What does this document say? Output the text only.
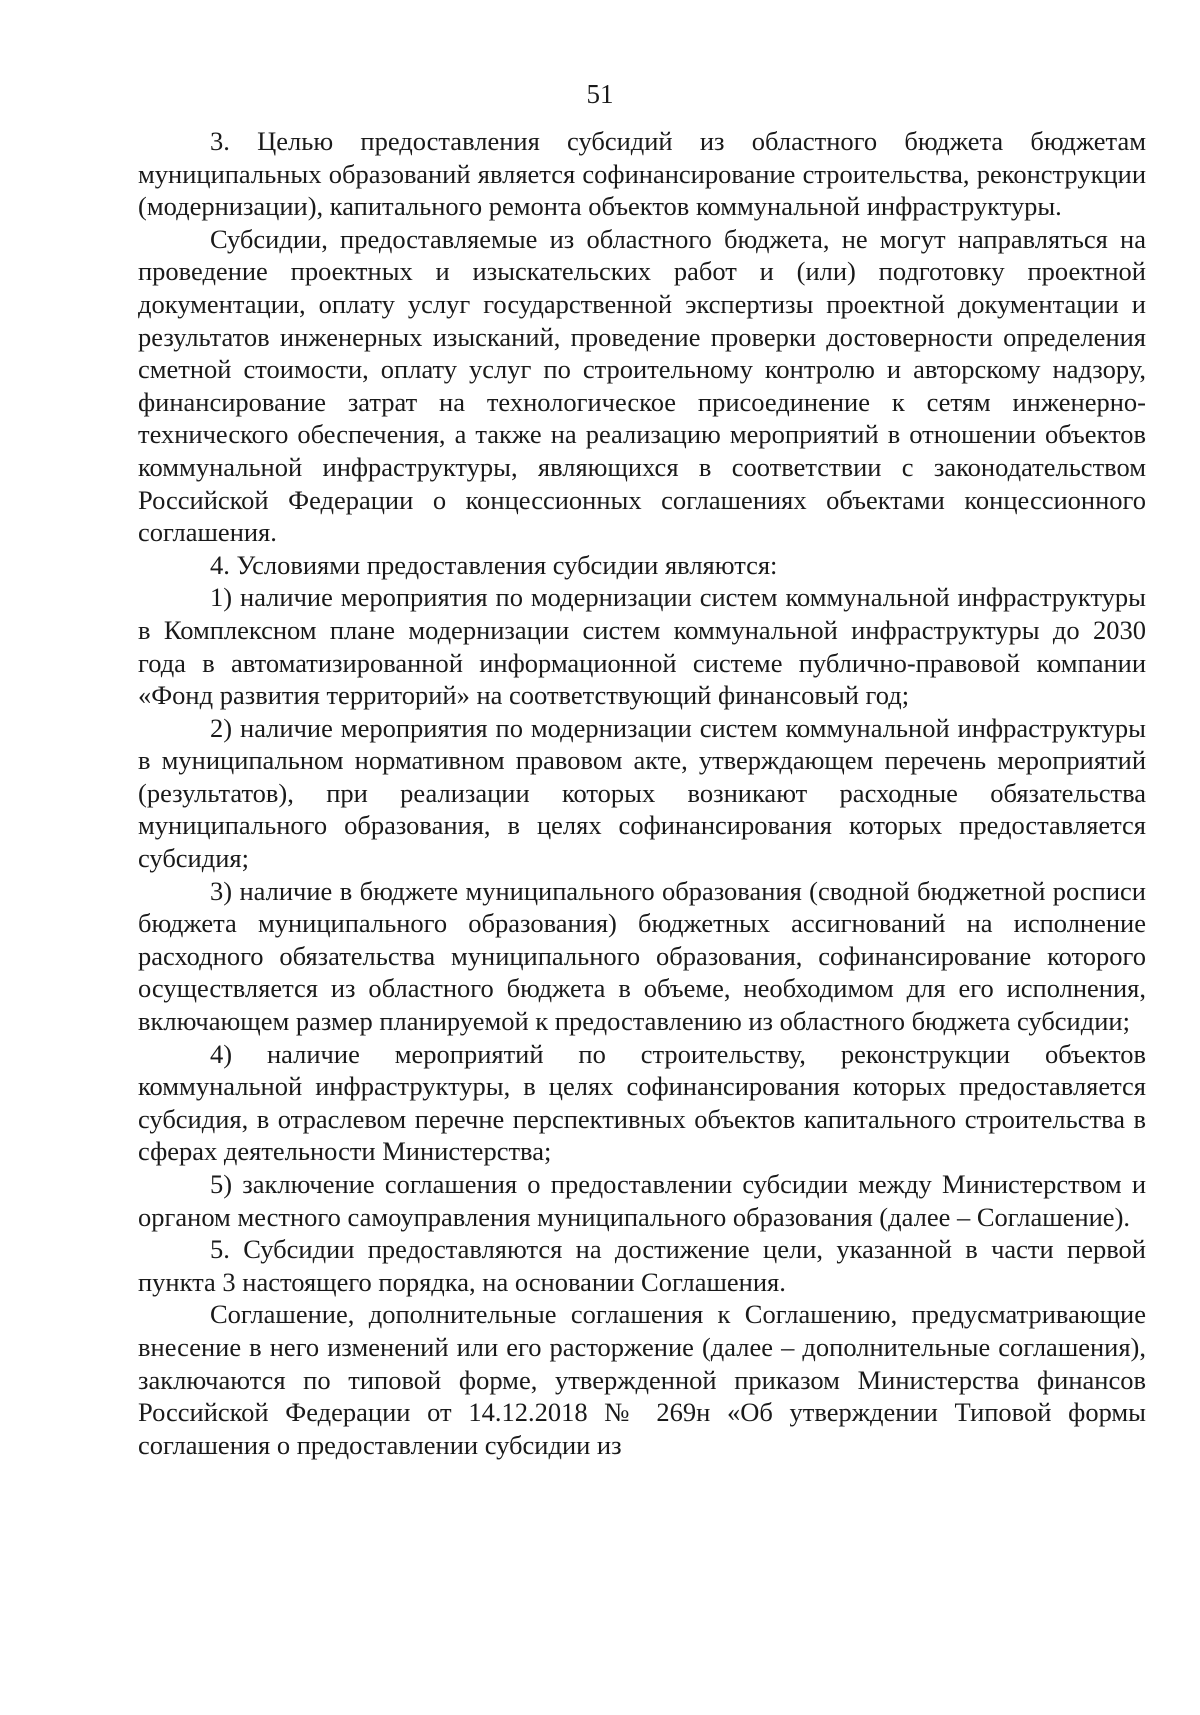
51

3. Целью предоставления субсидий из областного бюджета бюджетам муниципальных образований является софинансирование строительства, реконструкции (модернизации), капитального ремонта объектов коммунальной инфраструктуры.

Субсидии, предоставляемые из областного бюджета, не могут направляться на проведение проектных и изыскательских работ и (или) подготовку проектной документации, оплату услуг государственной экспертизы проектной документации и результатов инженерных изысканий, проведение проверки достоверности определения сметной стоимости, оплату услуг по строительному контролю и авторскому надзору, финансирование затрат на технологическое присоединение к сетям инженерно-технического обеспечения, а также на реализацию мероприятий в отношении объектов коммунальной инфраструктуры, являющихся в соответствии с законодательством Российской Федерации о концессионных соглашениях объектами концессионного соглашения.

4. Условиями предоставления субсидии являются:

1) наличие мероприятия по модернизации систем коммунальной инфраструктуры в Комплексном плане модернизации систем коммунальной инфраструктуры до 2030 года в автоматизированной информационной системе публично-правовой компании «Фонд развития территорий» на соответствующий финансовый год;

2) наличие мероприятия по модернизации систем коммунальной инфраструктуры в муниципальном нормативном правовом акте, утверждающем перечень мероприятий (результатов), при реализации которых возникают расходные обязательства муниципального образования, в целях софинансирования которых предоставляется субсидия;

3) наличие в бюджете муниципального образования (сводной бюджетной росписи бюджета муниципального образования) бюджетных ассигнований на исполнение расходного обязательства муниципального образования, софинансирование которого осуществляется из областного бюджета в объеме, необходимом для его исполнения, включающем размер планируемой к предоставлению из областного бюджета субсидии;

4) наличие мероприятий по строительству, реконструкции объектов коммунальной инфраструктуры, в целях софинансирования которых предоставляется субсидия, в отраслевом перечне перспективных объектов капитального строительства в сферах деятельности Министерства;

5) заключение соглашения о предоставлении субсидии между Министерством и органом местного самоуправления муниципального образования (далее – Соглашение).

5. Субсидии предоставляются на достижение цели, указанной в части первой пункта 3 настоящего порядка, на основании Соглашения.

Соглашение, дополнительные соглашения к Соглашению, предусматривающие внесение в него изменений или его расторжение (далее – дополнительные соглашения), заключаются по типовой форме, утвержденной приказом Министерства финансов Российской Федерации от 14.12.2018 № 269н «Об утверждении Типовой формы соглашения о предоставлении субсидии из
